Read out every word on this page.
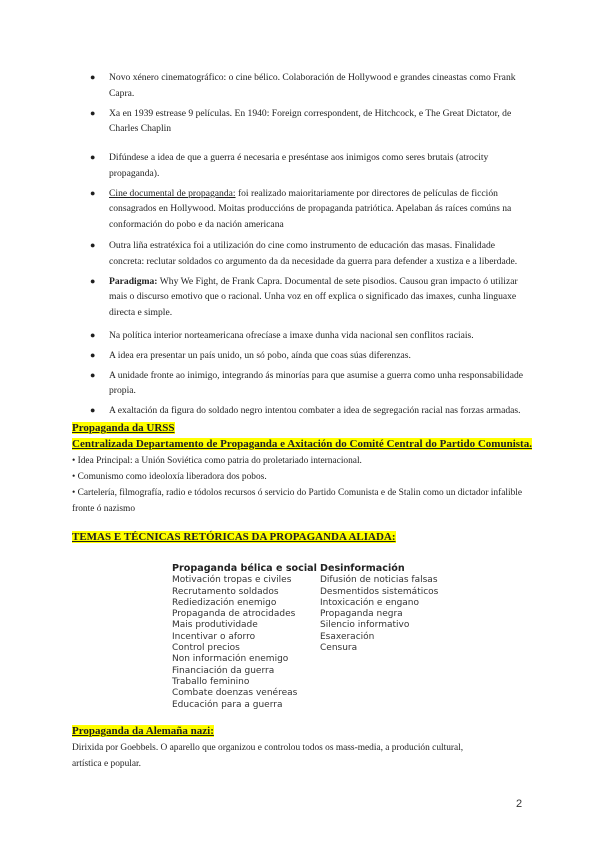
● Novo xénero cinematográfico: o cine bélico. Colaboración de Hollywood e grandes cineastas como Frank Capra.
● Xa en 1939 estrease 9 películas. En 1940: Foreign correspondent, de Hitchcock, e The Great Dictator, de Charles Chaplin
● Difúndese a idea de que a guerra é necesaria e preséntase aos inimigos como seres brutais (atrocity propaganda).
● Cine documental de propaganda: foi realizado maioritariamente por directores de películas de ficción consagrados en Hollywood. Moitas produccións de propaganda patriótica. Apelaban ás raíces comúns na conformación do pobo e da nación americana
● Outra liña estratéxica foi a utilización do cine como instrumento de educación das masas. Finalidade concreta: reclutar soldados co argumento da da necesidade da guerra para defender a xustiza e a liberdade.
● Paradigma: Why We Fight, de Frank Capra. Documental de sete pisodios. Causou gran impacto ó utilizar mais o discurso emotivo que o racional. Unha voz en off explica o significado das imaxes, cunha linguaxe directa e simple.
● Na política interior norteamericana ofrecíase a imaxe dunha vida nacional sen conflitos raciais.
● A idea era presentar un país unido, un só pobo, aínda que coas súas diferenzas.
● A unidade fronte ao inimigo, integrando ás minorías para que asumise a guerra como unha responsabilidade propia.
● A exaltación da figura do soldado negro intentou combater a idea de segregación racial nas forzas armadas.
Propaganda da URSS
Centralizada Departamento de Propaganda e Axitación do Comité Central do Partido Comunista.
• Idea Principal: a Unión Soviética como patria do proletariado internacional.
• Comunismo como ideoloxía liberadora dos pobos.
• Cartelería, filmografía, radio e tódolos recursos ó servicio do Partido Comunista e de Stalin como un dictador infalible fronte ó nazismo
TEMAS E TÉCNICAS RETÓRICAS DA PROPAGANDA ALIADA:
Propaganda bélica e social
Motivación tropas e civiles
Recrutamento soldados
Rediedización enemigo
Propaganda de atrocidades
Mais produtividade
Incentivar o aforro
Control precios
Non información enemigo
Financiación da guerra
Traballo feminino
Combate doenzas venéreas
Educación para a guerra
Desinformación
Difusión de noticias falsas
Desmentidos sistemáticos
Intoxicación e engano
Propaganda negra
Silencio informativo
Esaxeración
Censura
Propaganda da Alemaña nazi:
Dirixida por Goebbels. O aparello que organizou e controlou todos os mass-media, a produción cultural, artística e popular.
2
